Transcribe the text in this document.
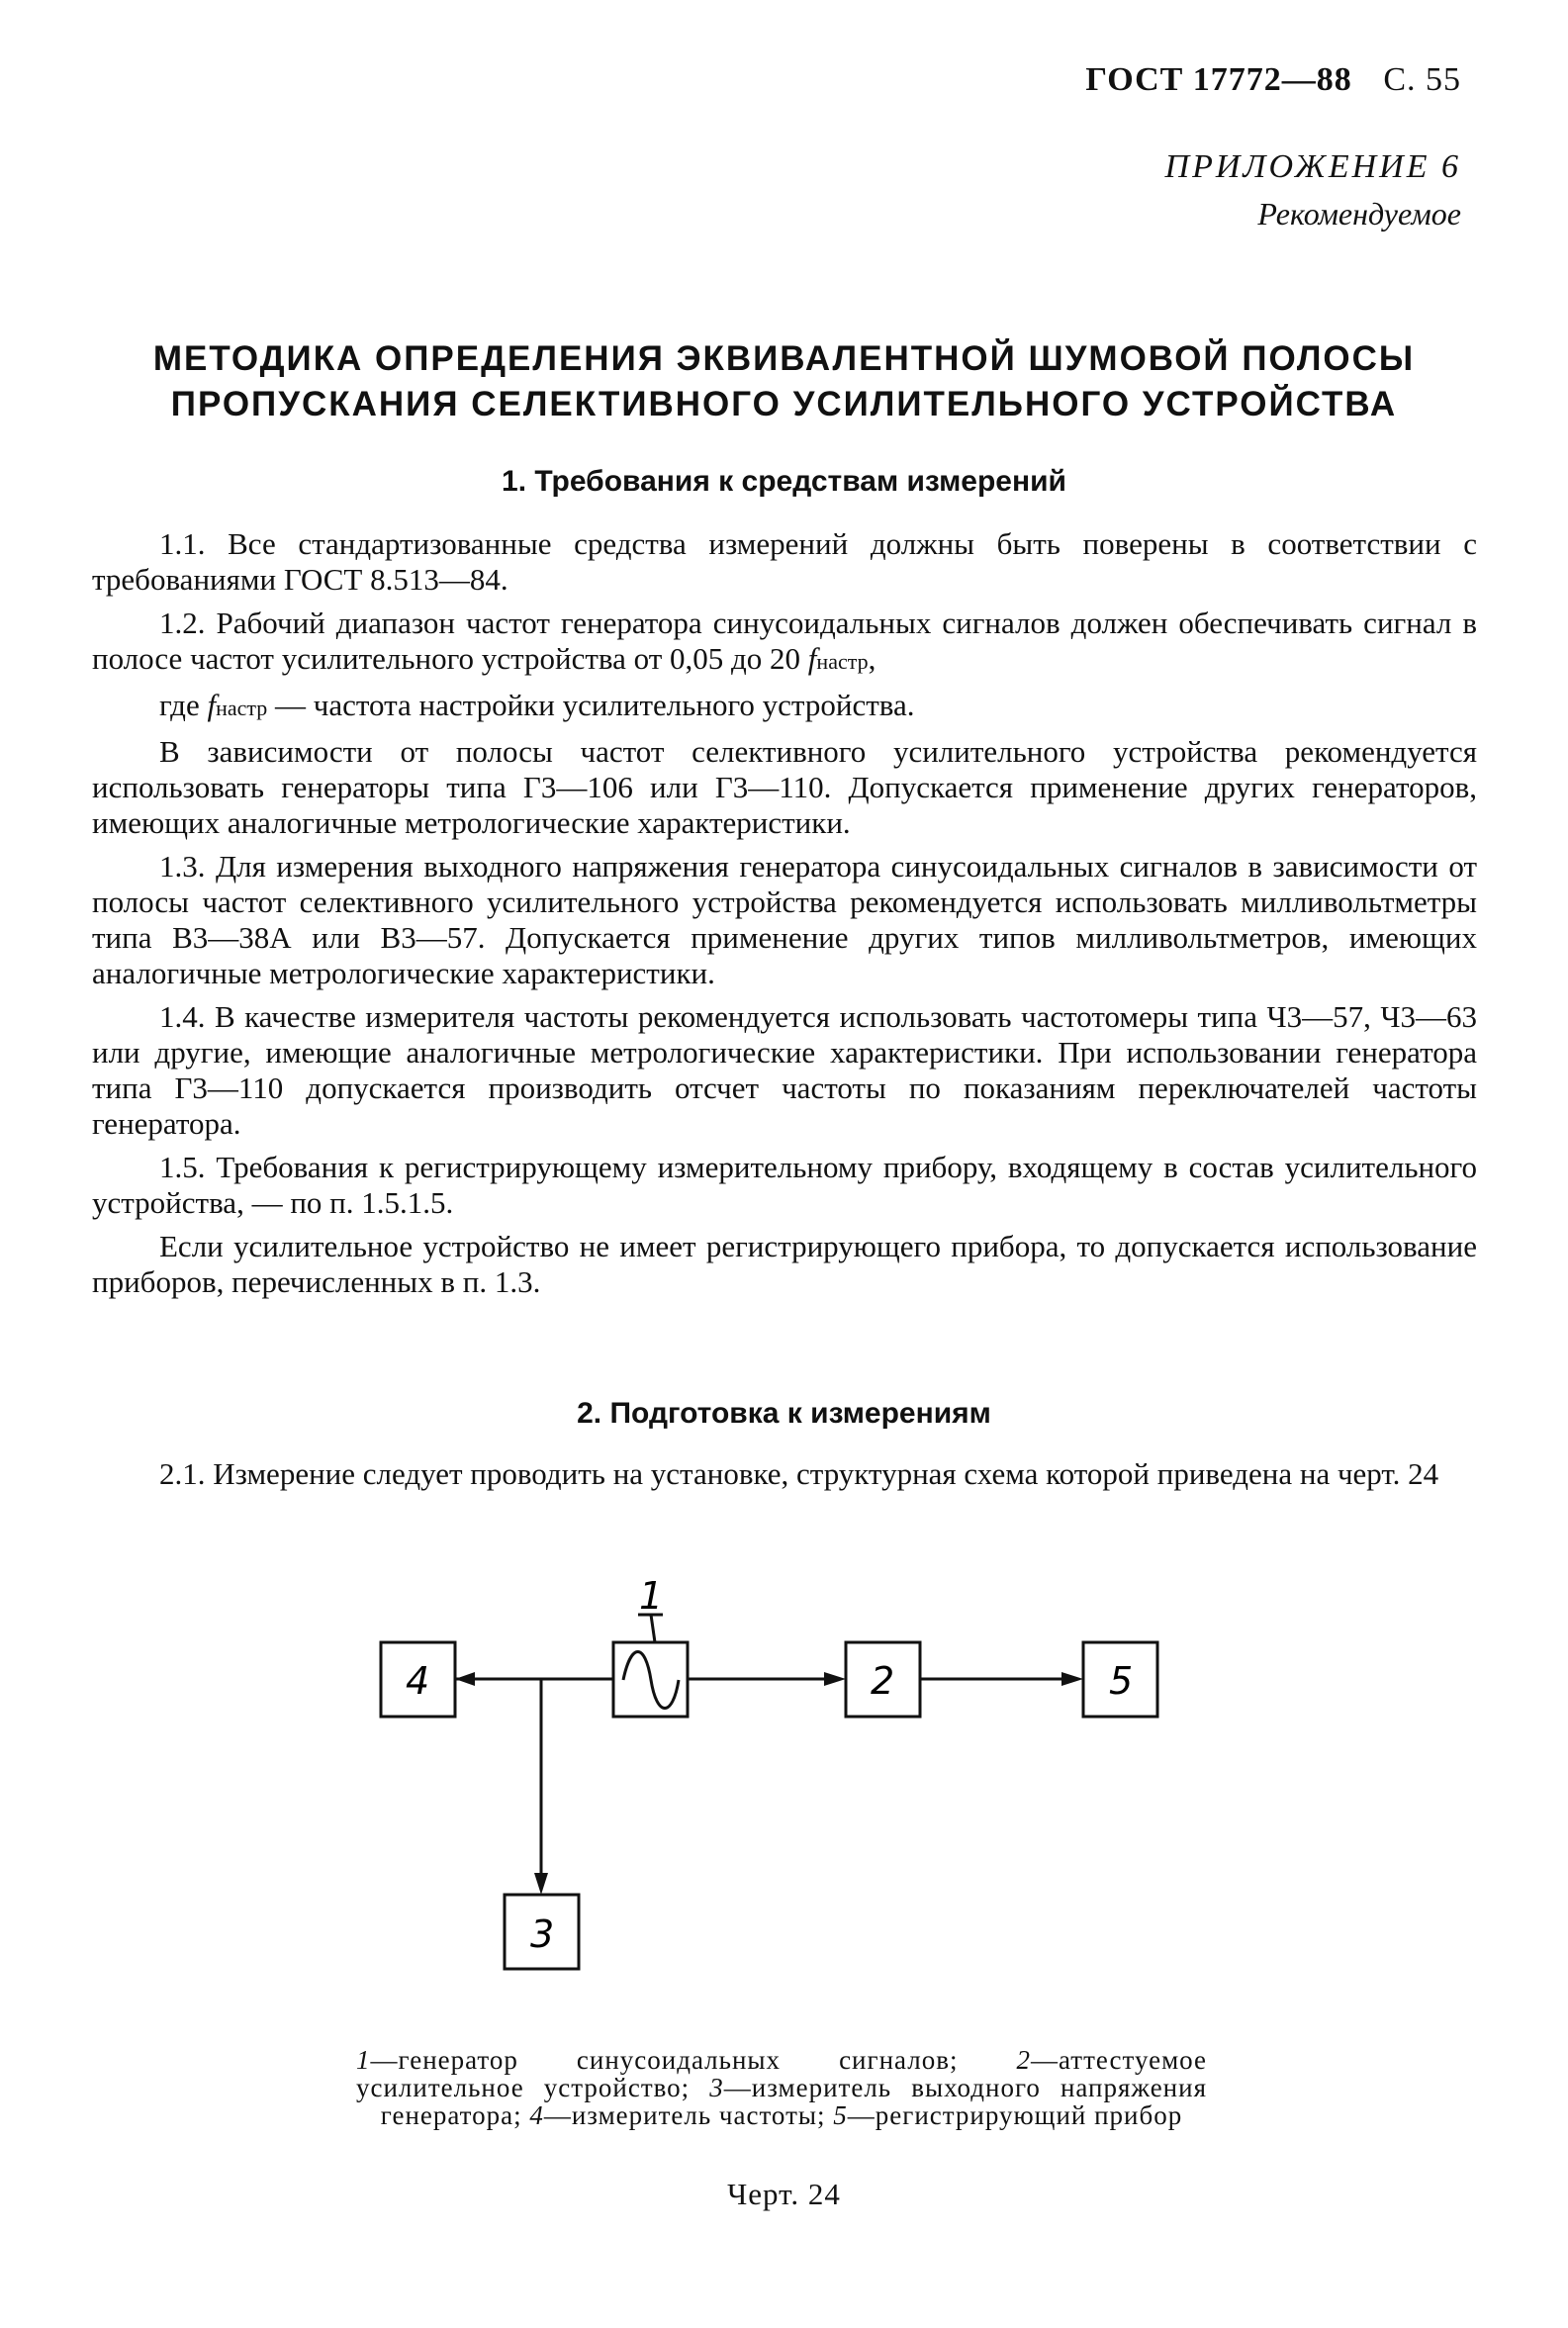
ГОСТ 17772—88 С. 55
ПРИЛОЖЕНИЕ 6
Рекомендуемое
МЕТОДИКА ОПРЕДЕЛЕНИЯ ЭКВИВАЛЕНТНОЙ ШУМОВОЙ ПОЛОСЫ
ПРОПУСКАНИЯ СЕЛЕКТИВНОГО УСИЛИТЕЛЬНОГО УСТРОЙСТВА
1. Требования к средствам измерений

1.1. Все стандартизованные средства измерений должны быть поверены в соответствии с требованиями ГОСТ 8.513—84.

1.2. Рабочий диапазон частот генератора синусоидальных сигналов должен обеспечивать сигнал в полосе частот усилительного устройства от 0,05 до 20 fнастр,

где fнастр — частота настройки усилительного устройства.

В зависимости от полосы частот селективного усилительного устройства рекомендуется использовать генераторы типа Г3—106 или Г3—110. Допускается применение других генераторов, имеющих аналогичные метрологические характеристики.

1.3. Для измерения выходного напряжения генератора синусоидальных сигналов в зависимости от полосы частот селективного усилительного устройства рекомендуется использовать милливольтметры типа В3—38А или В3—57. Допускается применение других типов милливольтметров, имеющих аналогичные метрологические характеристики.

1.4. В качестве измерителя частоты рекомендуется использовать частотомеры типа Ч3—57, Ч3—63 или другие, имеющие аналогичные метрологические характеристики. При использовании генератора типа Г3—110 допускается производить отсчет частоты по показаниям переключателей частоты генератора.

1.5. Требования к регистрирующему измерительному прибору, входящему в состав усилительного устройства, — по п. 1.5.1.5.

Если усилительное устройство не имеет регистрирующего прибора, то допускается использование приборов, перечисленных в п. 1.3.

2. Подготовка к измерениям

2.1. Измерение следует проводить на установке, структурная схема которой приведена на черт. 24

4	2	5
3
1
1—генератор синусоидальных сигналов; 2—аттестуемое усилительное устройство; 3—измеритель выходного напряжения генератора; 4—измеритель частоты; 5—регистрирующий прибор
Черт. 24
